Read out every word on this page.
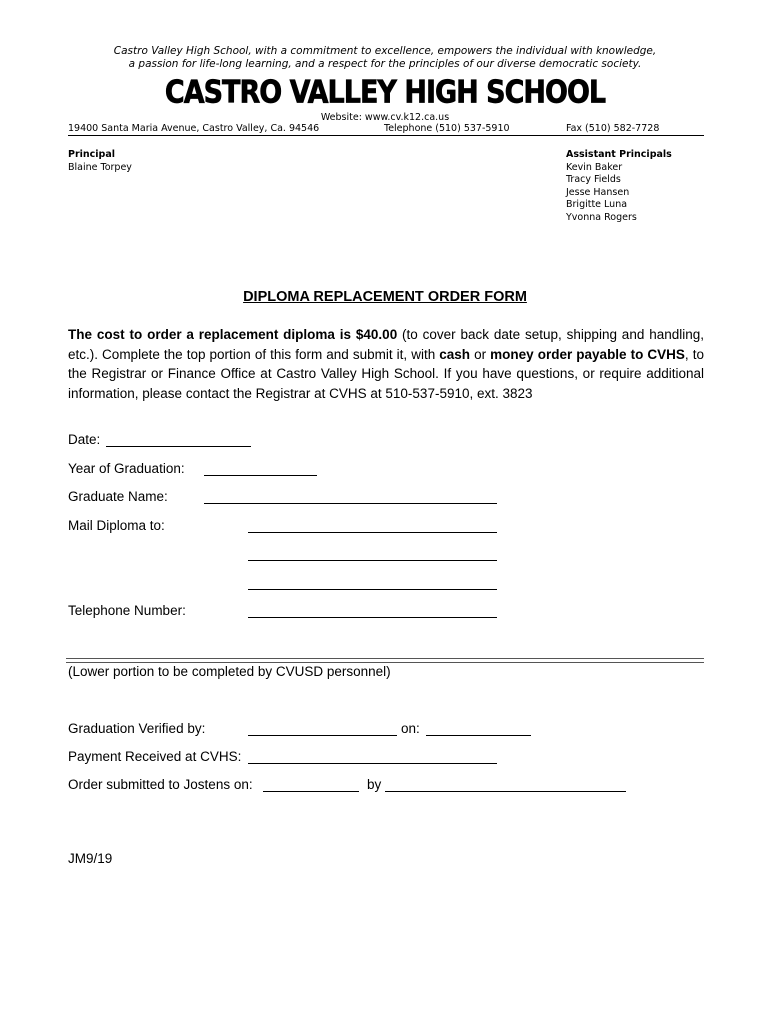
Castro Valley High School, with a commitment to excellence, empowers the individual with knowledge,
a passion for life-long learning, and a respect for the principles of our diverse democratic society.
CASTRO VALLEY HIGH SCHOOL
Website: www.cv.k12.ca.us
19400 Santa Maria Avenue, Castro Valley, Ca. 94546	Telephone (510) 537-5910	Fax (510) 582-7728
Principal
Blaine Torpey
Assistant Principals
Kevin Baker
Tracy Fields
Jesse Hansen
Brigitte Luna
Yvonna Rogers
DIPLOMA REPLACEMENT ORDER FORM
The cost to order a replacement diploma is $40.00 (to cover back date setup, shipping and handling, etc.). Complete the top portion of this form and submit it, with cash or money order payable to CVHS, to the Registrar or Finance Office at Castro Valley High School. If you have questions, or require additional information, please contact the Registrar at CVHS at 510-537-5910, ext. 3823
Date:
Year of Graduation:
Graduate Name:
Mail Diploma to:
Telephone Number:
(Lower portion to be completed by CVUSD personnel)
Graduation Verified by:	on:
Payment Received at CVHS:
Order submitted to Jostens on:	by
JM9/19
